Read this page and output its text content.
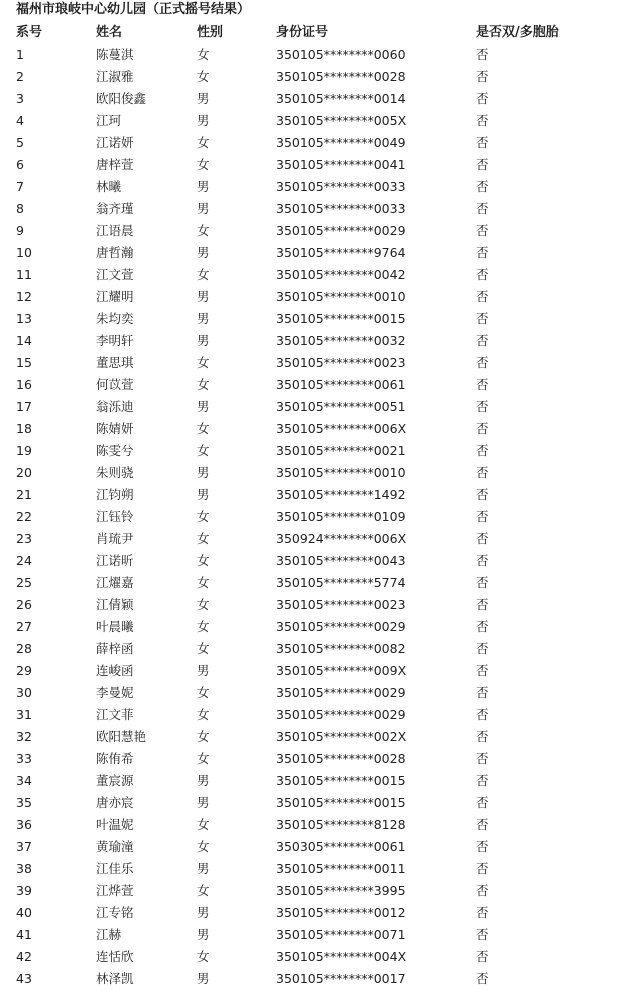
福州市琅岐中心幼儿园（正式摇号结果）
系号	姓名	性别	身份证号	是否双/多胞胎
1	陈蔓淇	女	350105********0060	否
2	江淑雅	女	350105********0028	否
3	欧阳俊鑫	男	350105********0014	否
4	江珂	男	350105********005X	否
5	江诺妍	女	350105********0049	否
6	唐梓萱	女	350105********0041	否
7	林曦	男	350105********0033	否
8	翁齐瑾	男	350105********0033	否
9	江语晨	女	350105********0029	否
10	唐哲瀚	男	350105********9764	否
11	江文萱	女	350105********0042	否
12	江耀明	男	350105********0010	否
13	朱均奕	男	350105********0015	否
14	李明轩	男	350105********0032	否
15	董思琪	女	350105********0023	否
16	何苡萱	女	350105********0061	否
17	翁泺迪	男	350105********0051	否
18	陈婧妍	女	350105********006X	否
19	陈雯兮	女	350105********0021	否
20	朱则骁	男	350105********0010	否
21	江钧朔	男	350105********1492	否
22	江钰铃	女	350105********0109	否
23	肖琉尹	女	350924********006X	否
24	江诺昕	女	350105********0043	否
25	江燿嘉	女	350105********5774	否
26	江倩颖	女	350105********0023	否
27	叶晨曦	女	350105********0029	否
28	薛梓函	女	350105********0082	否
29	连峻函	男	350105********009X	否
30	李曼妮	女	350105********0029	否
31	江文菲	女	350105********0029	否
32	欧阳慧艳	女	350105********002X	否
33	陈侑希	女	350105********0028	否
34	董宸源	男	350105********0015	否
35	唐亦宸	男	350105********0015	否
36	叶温妮	女	350105********8128	否
37	黄瑜潼	女	350305********0061	否
38	江佳乐	男	350105********0011	否
39	江烨萱	女	350105********3995	否
40	江专铭	男	350105********0012	否
41	江赫	男	350105********0071	否
42	连恬欣	女	350105********004X	否
43	林泽凯	男	350105********0017	否
